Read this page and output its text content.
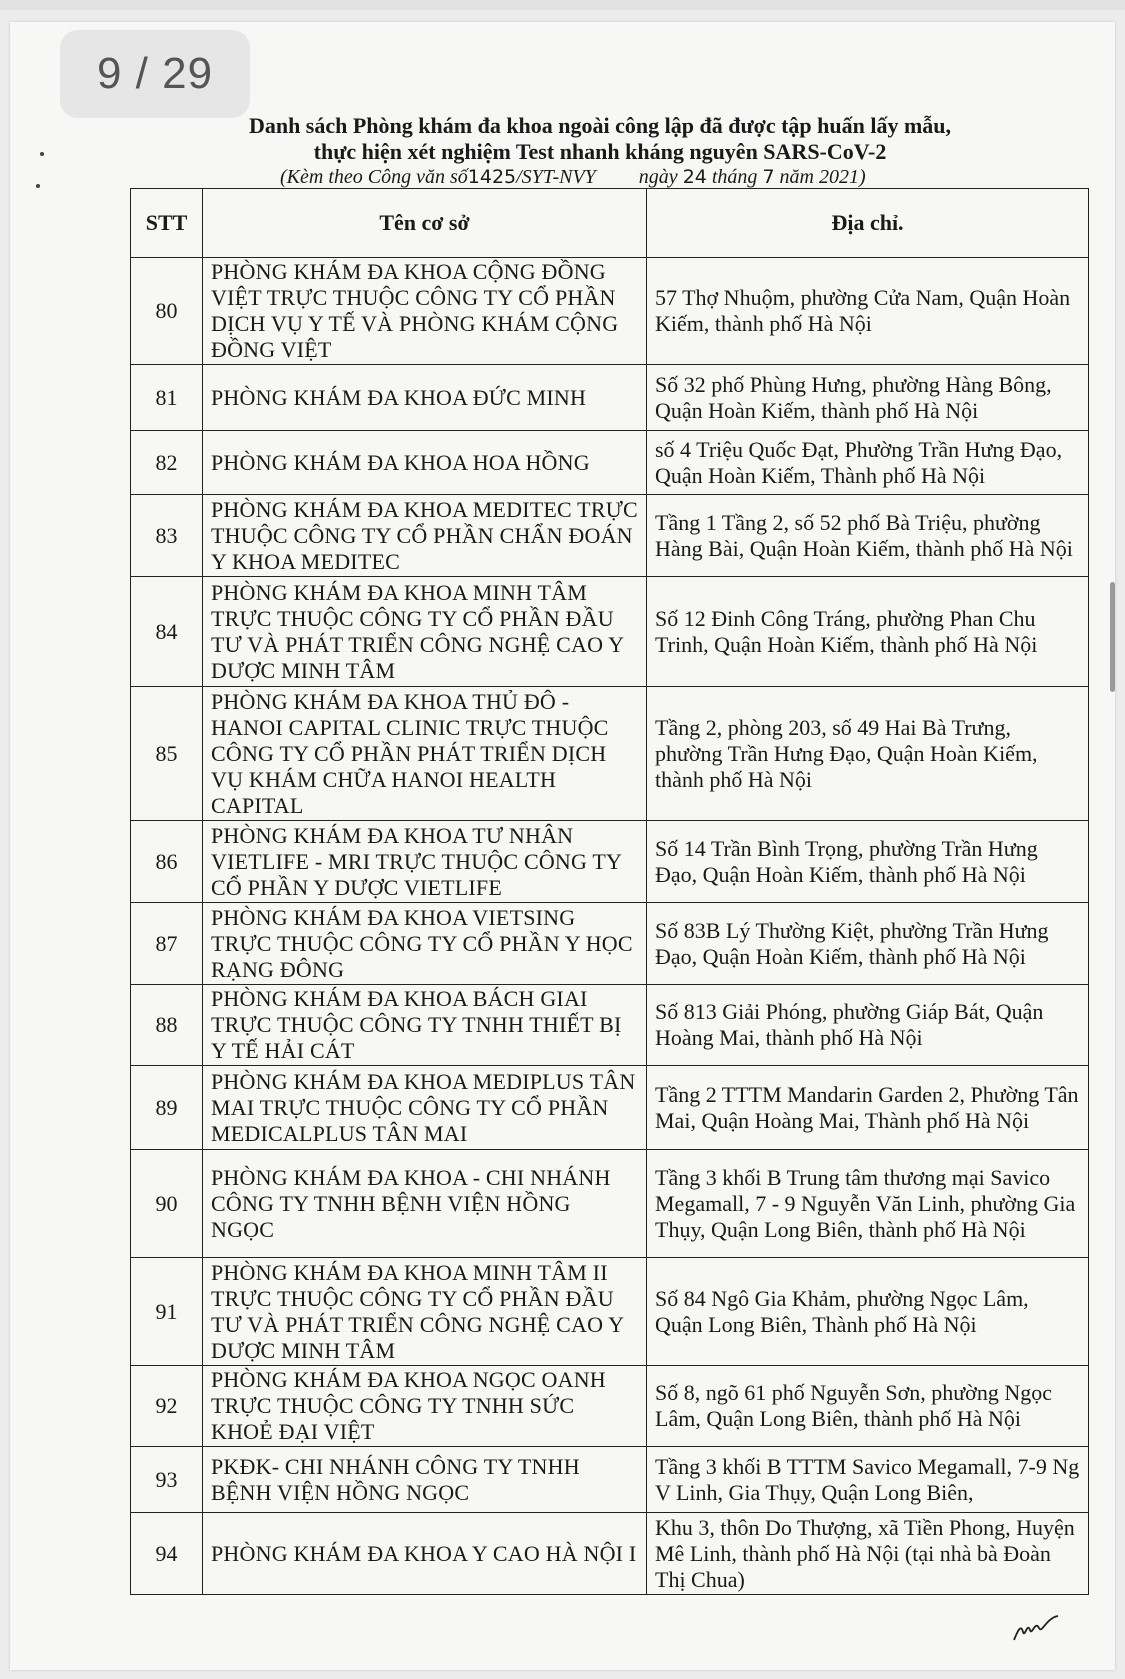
9 / 29
Danh sách Phòng khám đa khoa ngoài công lập đã được tập huấn lấy mẫu,
thực hiện xét nghiệm Test nhanh kháng nguyên SARS-CoV-2
(Kèm theo Công văn số1425/SYT-NVY ngày 24 tháng 7 năm 2021)
STT	Tên cơ sở	Địa chỉ.
80	PHÒNG KHÁM ĐA KHOA CỘNG ĐỒNG VIỆT TRỰC THUỘC CÔNG TY CỔ PHẦN DỊCH VỤ Y TẾ VÀ PHÒNG KHÁM CỘNG ĐỒNG VIỆT	57 Thợ Nhuộm, phường Cửa Nam, Quận Hoàn Kiếm, thành phố Hà Nội
81	PHÒNG KHÁM ĐA KHOA ĐỨC MINH	Số 32 phố Phùng Hưng, phường Hàng Bông, Quận Hoàn Kiếm, thành phố Hà Nội
82	PHÒNG KHÁM ĐA KHOA HOA HỒNG	số 4 Triệu Quốc Đạt, Phường Trần Hưng Đạo, Quận Hoàn Kiếm, Thành phố Hà Nội
83	PHÒNG KHÁM ĐA KHOA MEDITEC TRỰC THUỘC CÔNG TY CỔ PHẦN CHẨN ĐOÁN Y KHOA MEDITEC	Tầng 1 Tầng 2, số 52 phố Bà Triệu, phường Hàng Bài, Quận Hoàn Kiếm, thành phố Hà Nội
84	PHÒNG KHÁM ĐA KHOA MINH TÂM TRỰC THUỘC CÔNG TY CỔ PHẦN ĐẦU TƯ VÀ PHÁT TRIỂN CÔNG NGHỆ CAO Y DƯỢC MINH TÂM	Số 12 Đinh Công Tráng, phường Phan Chu Trinh, Quận Hoàn Kiếm, thành phố Hà Nội
85	PHÒNG KHÁM ĐA KHOA THỦ ĐÔ - HANOI CAPITAL CLINIC TRỰC THUỘC CÔNG TY CỔ PHẦN PHÁT TRIỂN DỊCH VỤ KHÁM CHỮA HANOI HEALTH CAPITAL	Tầng 2, phòng 203, số 49 Hai Bà Trưng, phường Trần Hưng Đạo, Quận Hoàn Kiếm, thành phố Hà Nội
86	PHÒNG KHÁM ĐA KHOA TƯ NHÂN VIETLIFE - MRI TRỰC THUỘC CÔNG TY CỔ PHẦN Y DƯỢC VIETLIFE	Số 14 Trần Bình Trọng, phường Trần Hưng Đạo, Quận Hoàn Kiếm, thành phố Hà Nội
87	PHÒNG KHÁM ĐA KHOA VIETSING TRỰC THUỘC CÔNG TY CỔ PHẦN Y HỌC RẠNG ĐÔNG	Số 83B Lý Thường Kiệt, phường Trần Hưng Đạo, Quận Hoàn Kiếm, thành phố Hà Nội
88	PHÒNG KHÁM ĐA KHOA BÁCH GIAI TRỰC THUỘC CÔNG TY TNHH THIẾT BỊ Y TẾ HẢI CÁT	Số 813 Giải Phóng, phường Giáp Bát, Quận Hoàng Mai, thành phố Hà Nội
89	PHÒNG KHÁM ĐA KHOA MEDIPLUS TÂN MAI TRỰC THUỘC CÔNG TY CỔ PHẦN MEDICALPLUS TÂN MAI	Tầng 2 TTTM Mandarin Garden 2, Phường Tân Mai, Quận Hoàng Mai, Thành phố Hà Nội
90	PHÒNG KHÁM ĐA KHOA - CHI NHÁNH CÔNG TY TNHH BỆNH VIỆN HỒNG NGỌC	Tầng 3 khối B Trung tâm thương mại Savico Megamall, 7 - 9 Nguyễn Văn Linh, phường Gia Thụy, Quận Long Biên, thành phố Hà Nội
91	PHÒNG KHÁM ĐA KHOA MINH TÂM II TRỰC THUỘC CÔNG TY CỔ PHẦN ĐẦU TƯ VÀ PHÁT TRIỂN CÔNG NGHỆ CAO Y DƯỢC MINH TÂM	Số 84 Ngô Gia Khảm, phường Ngọc Lâm, Quận Long Biên, Thành phố Hà Nội
92	PHÒNG KHÁM ĐA KHOA NGỌC OANH TRỰC THUỘC CÔNG TY TNHH SỨC KHOẺ ĐẠI VIỆT	Số 8, ngõ 61 phố Nguyễn Sơn, phường Ngọc Lâm, Quận Long Biên, thành phố Hà Nội
93	PKĐK- CHI NHÁNH CÔNG TY TNHH BỆNH VIỆN HỒNG NGỌC	Tầng 3 khối B TTTM Savico Megamall, 7-9 Ng V Linh, Gia Thụy, Quận Long Biên,
94	PHÒNG KHÁM ĐA KHOA Y CAO HÀ NỘI I	Khu 3, thôn Do Thượng, xã Tiền Phong, Huyện Mê Linh, thành phố Hà Nội (tại nhà bà Đoàn Thị Chua)
